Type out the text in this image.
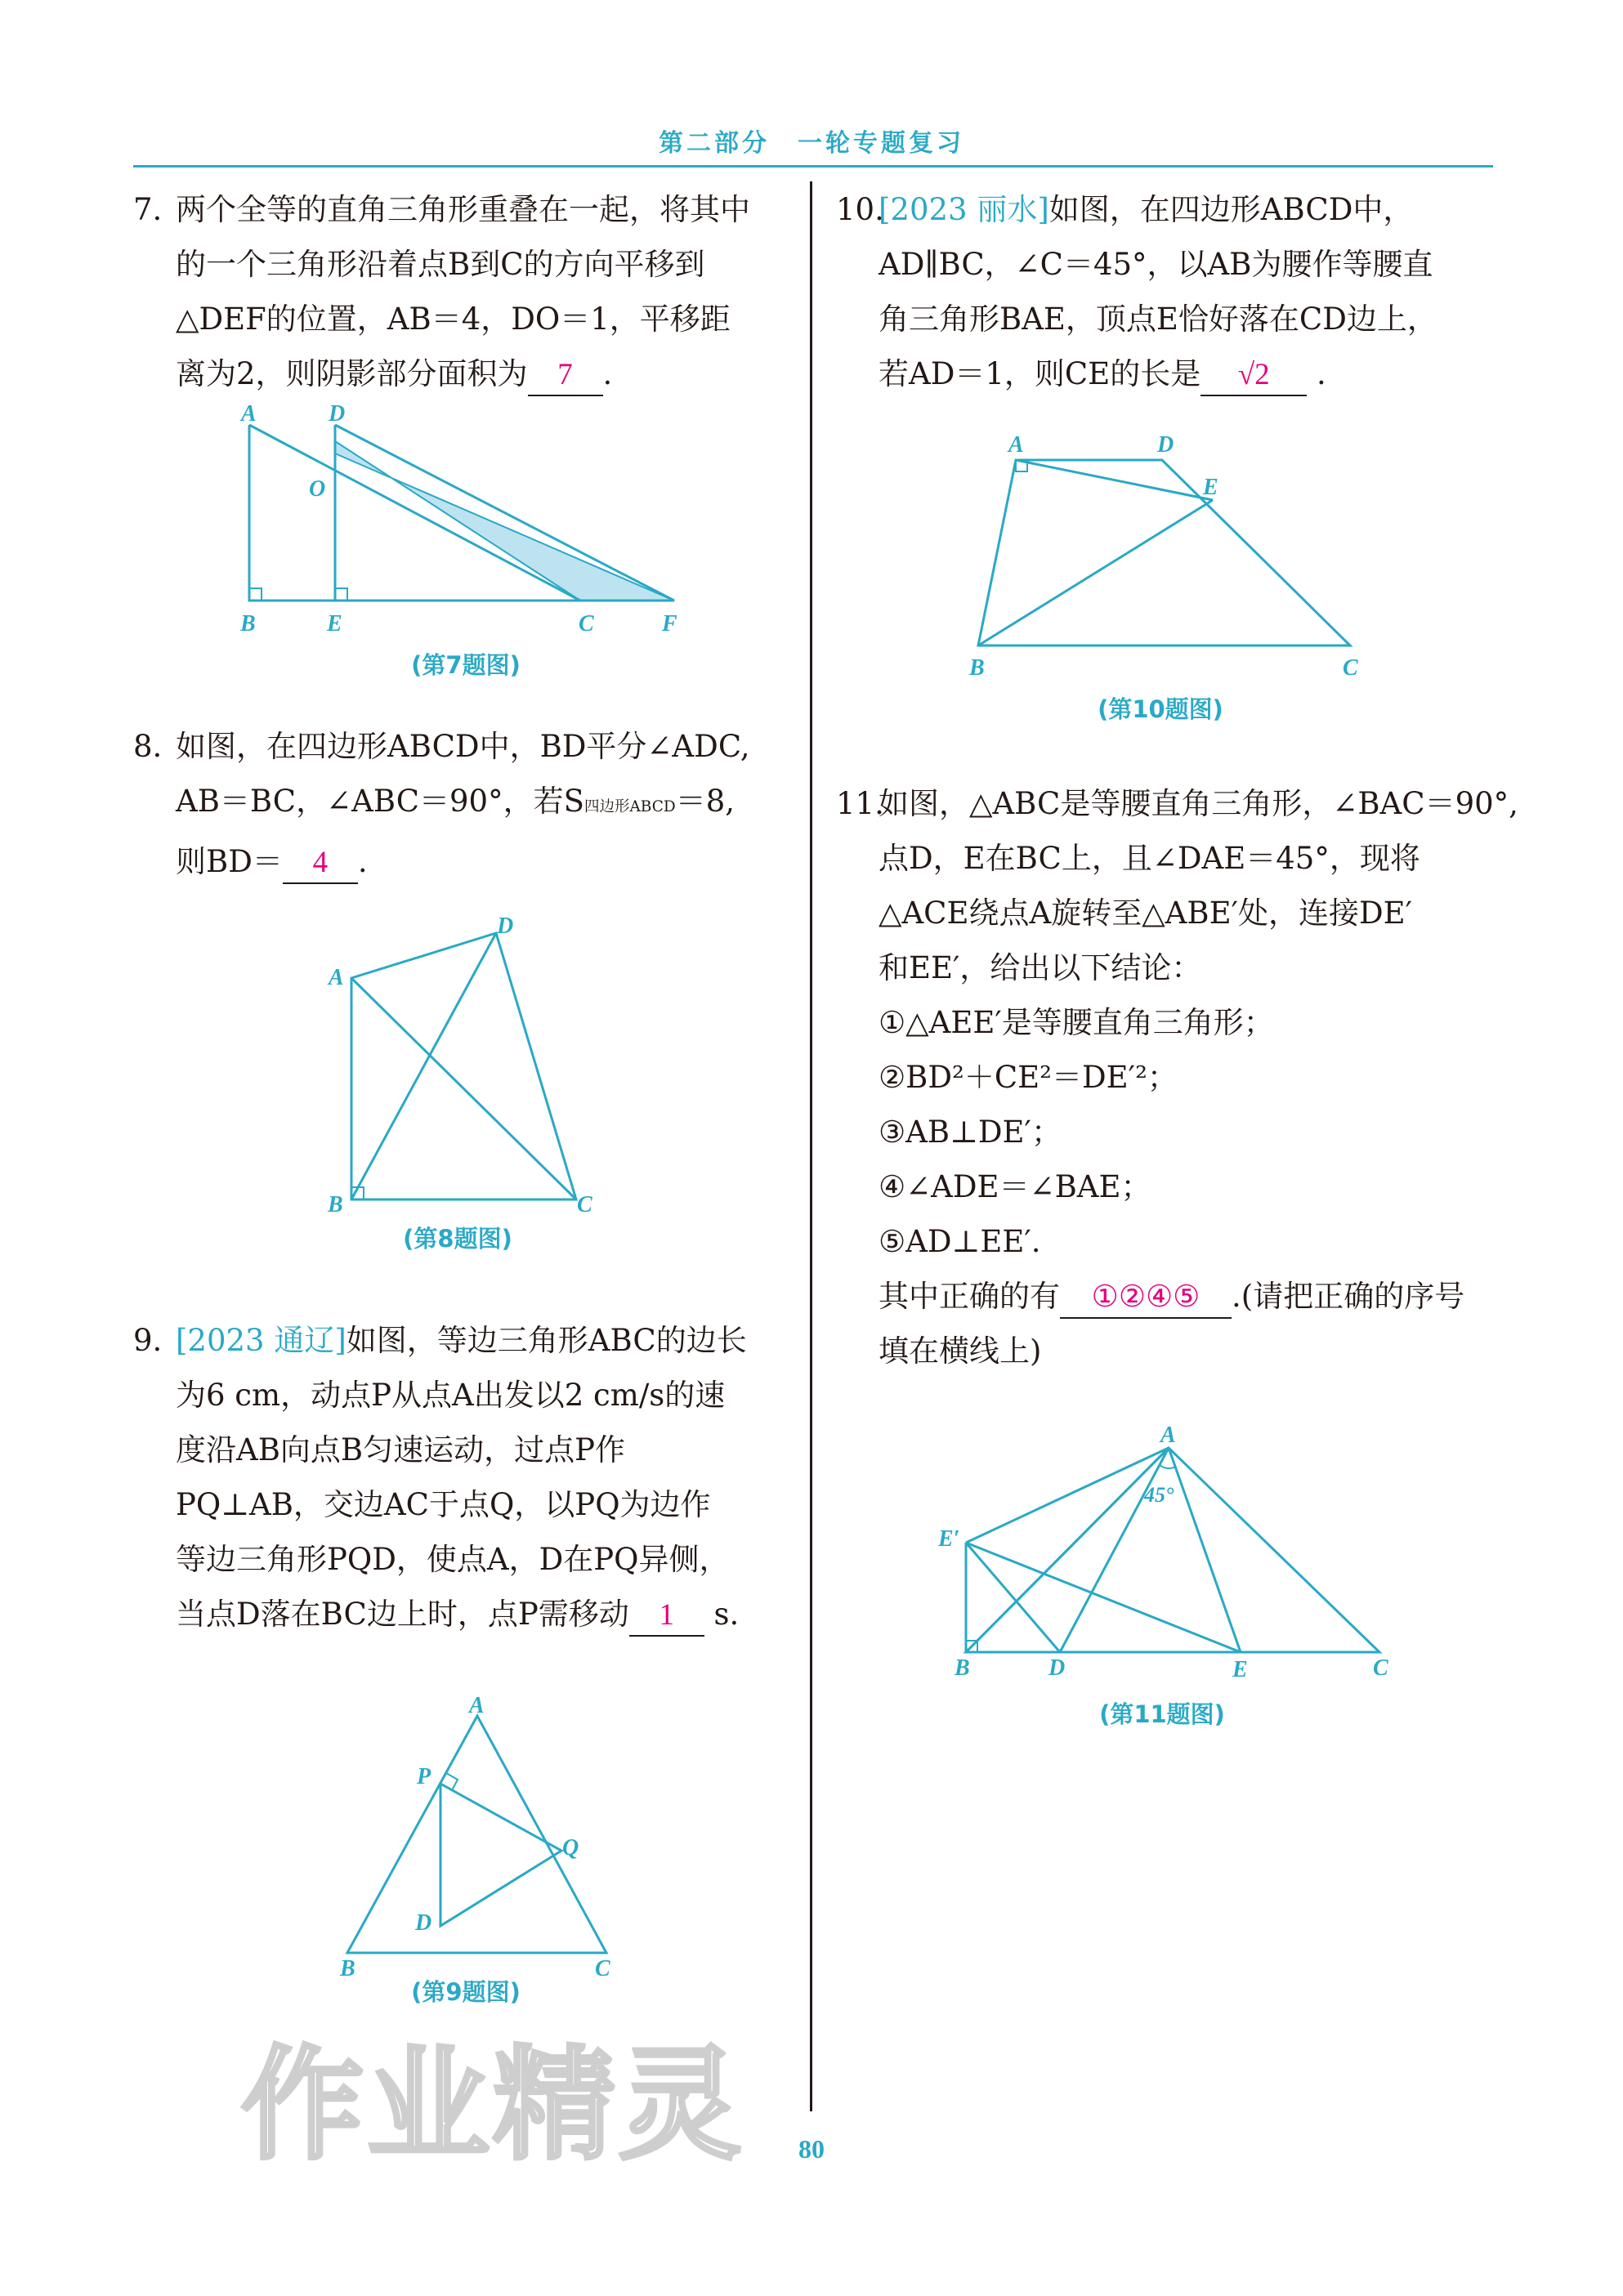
第二部分　一轮专题复习
7. 两个全等的直角三角形重叠在一起，将其中
的一个三角形沿着点B到C的方向平移到
△DEF的位置，AB＝4，DO＝1，平移距
离为2，则阴影部分面积为 7 .
A	D
O
B	E	C	F
(第7题图)
8. 如图，在四边形ABCD中，BD平分∠ADC,
AB＝BC，∠ABC＝90°，若S四边形ABCD＝8,
则BD＝ 4 .
A
D
B	C
(第8题图)
9. [2023 通辽]如图，等边三角形ABC的边长
为6 cm，动点P从点A出发以2 cm/s的速
度沿AB向点B匀速运动，过点P作
PQ⊥AB，交边AC于点Q，以PQ为边作
等边三角形PQD，使点A，D在PQ异侧，
当点D落在BC边上时，点P需移动 1 s.
A
P
Q
D
B	C
(第9题图)
10.[2023 丽水]如图，在四边形ABCD中，
AD∥BC，∠C＝45°，以AB为腰作等腰直
角三角形BAE，顶点E恰好落在CD边上，
若AD＝1，则CE的长是 √2 .
A	D
E
B	C
(第10题图)
11.如图，△ABC是等腰直角三角形，∠BAC＝90°,
点D，E在BC上，且∠DAE＝45°，现将
△ACE绕点A旋转至△ABE′处，连接DE′
和EE′，给出以下结论：
①△AEE′是等腰直角三角形；
②BD²＋CE²＝DE′²；
③AB⊥DE′；
④∠ADE＝∠BAE；
⑤AD⊥EE′.
其中正确的有 ①②④⑤ .(请把正确的序号
填在横线上)
A
45°
E′
B	D	E	C
(第11题图)
作业精灵	80
